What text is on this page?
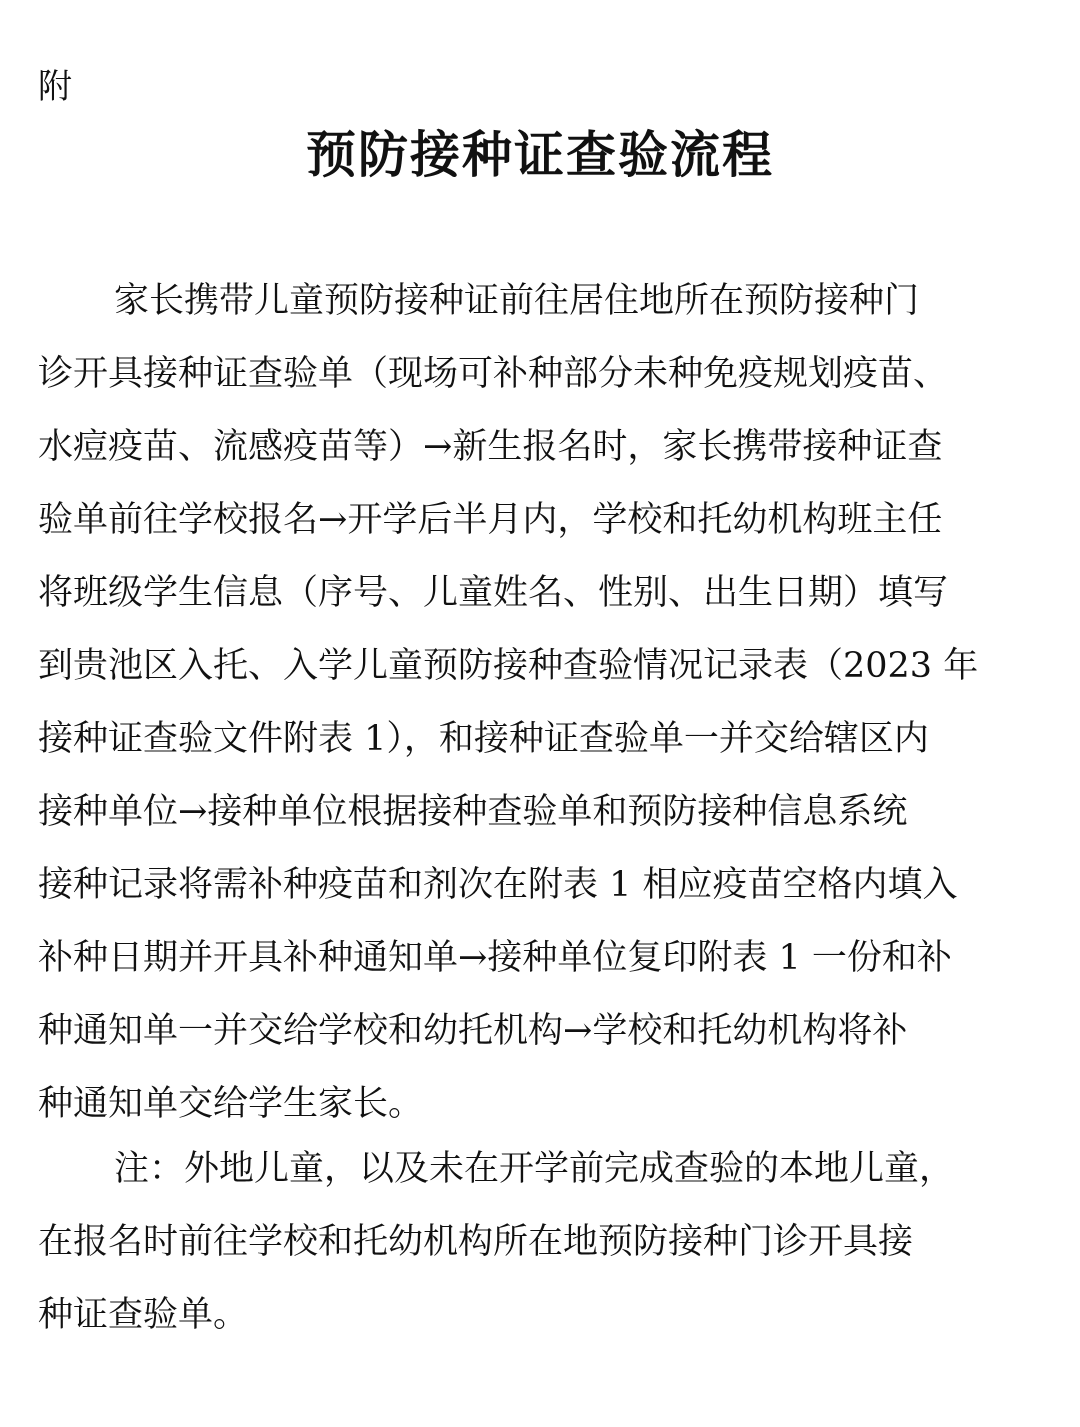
附
预防接种证查验流程
家长携带儿童预防接种证前往居住地所在预防接种门
诊开具接种证查验单（现场可补种部分未种免疫规划疫苗、
水痘疫苗、流感疫苗等）→新生报名时，家长携带接种证查
验单前往学校报名→开学后半月内，学校和托幼机构班主任
将班级学生信息（序号、儿童姓名、性别、出生日期）填写
到贵池区入托、入学儿童预防接种查验情况记录表（2023 年
接种证查验文件附表 1），和接种证查验单一并交给辖区内
接种单位→接种单位根据接种查验单和预防接种信息系统
接种记录将需补种疫苗和剂次在附表 1 相应疫苗空格内填入
补种日期并开具补种通知单→接种单位复印附表 1 一份和补
种通知单一并交给学校和幼托机构→学校和托幼机构将补
种通知单交给学生家长。
注：外地儿童，以及未在开学前完成查验的本地儿童，
在报名时前往学校和托幼机构所在地预防接种门诊开具接
种证查验单。
